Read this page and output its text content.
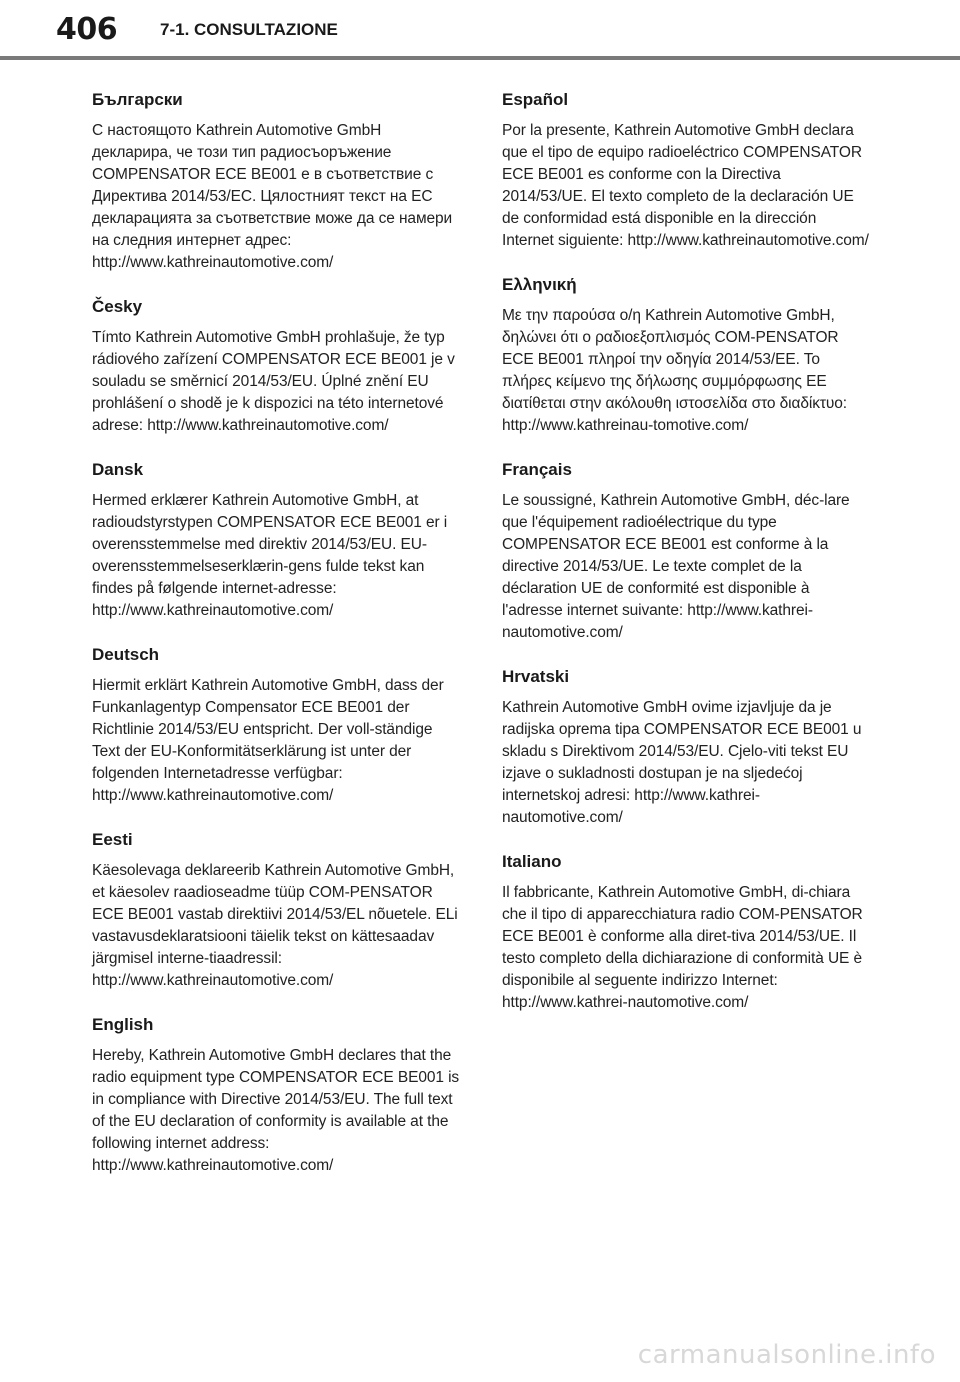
406	7-1. CONSULTAZIONE
Български

С настоящото Kathrein Automotive GmbH декларира, че този тип радиосъоръжение COMPENSATOR ECE BE001 е в съответствие с Директива 2014/53/ЕС. Цялостният текст на ЕС декларацията за съответствие може да се намери на следния интернет адрес: http://www.kathreinautomotive.com/

Česky

Tímto Kathrein Automotive GmbH prohlašuje, že typ rádiového zařízení COMPENSATOR ECE BE001 je v souladu se směrnicí 2014/53/EU. Úplné znění EU prohlášení o shodě je k dispozici na této internetové adrese: http://www.kathreinautomotive.com/

Dansk

Hermed erklærer Kathrein Automotive GmbH, at radioudstyrstypen COMPENSATOR ECE BE001 er i overensstemmelse med direktiv 2014/53/EU. EU-overensstemmelseserklærin-gens fulde tekst kan findes på følgende internet-adresse: http://www.kathreinautomotive.com/

Deutsch

Hiermit erklärt Kathrein Automotive GmbH, dass der Funkanlagentyp Compensator ECE BE001 der Richtlinie 2014/53/EU entspricht. Der voll-ständige Text der EU-Konformitätserklärung ist unter der folgenden Internetadresse verfügbar: http://www.kathreinautomotive.com/

Eesti

Käesolevaga deklareerib Kathrein Automotive GmbH, et käesolev raadioseadme tüüp COM-PENSATOR ECE BE001 vastab direktiivi 2014/53/EL nõuetele. ELi vastavusdeklaratsiooni täielik tekst on kättesaadav järgmisel interne-tiaadressil: http://www.kathreinautomotive.com/

English

Hereby, Kathrein Automotive GmbH declares that the radio equipment type COMPENSATOR ECE BE001 is in compliance with Directive 2014/53/EU. The full text of the EU declaration of conformity is available at the following internet address: http://www.kathreinautomotive.com/

Español

Por la presente, Kathrein Automotive GmbH declara que el tipo de equipo radioeléctrico COMPENSATOR ECE BE001 es conforme con la Directiva 2014/53/UE. El texto completo de la declaración UE de conformidad está disponible en la dirección Internet siguiente: http://www.kathreinautomotive.com/

Ελληνική

Με την παρούσα ο/η Kathrein Automotive GmbH, δηλώνει ότι ο ραδιοεξοπλισμός COM-PENSATOR ECE BE001 πληροί την οδηγία 2014/53/ΕΕ. Το πλήρες κείμενο της δήλωσης συμμόρφωσης ΕΕ διατίθεται στην ακόλουθη ιστοσελίδα στο διαδίκτυο: http://www.kathreinau-tomotive.com/

Français

Le soussigné, Kathrein Automotive GmbH, déc-lare que l'équipement radioélectrique du type COMPENSATOR ECE BE001 est conforme à la directive 2014/53/UE. Le texte complet de la déclaration UE de conformité est disponible à l'adresse internet suivante: http://www.kathrei-nautomotive.com/

Hrvatski

Kathrein Automotive GmbH ovime izjavljuje da je radijska oprema tipa COMPENSATOR ECE BE001 u skladu s Direktivom 2014/53/EU. Cjelo-viti tekst EU izjave o sukladnosti dostupan je na sljedećoj internetskoj adresi: http://www.kathrei-nautomotive.com/

Italiano

Il fabbricante, Kathrein Automotive GmbH, di-chiara che il tipo di apparecchiatura radio COM-PENSATOR ECE BE001 è conforme alla diret-tiva 2014/53/UE. Il testo completo della dichiarazione di conformità UE è disponibile al seguente indirizzo Internet: http://www.kathrei-nautomotive.com/

carmanualsonline.info
